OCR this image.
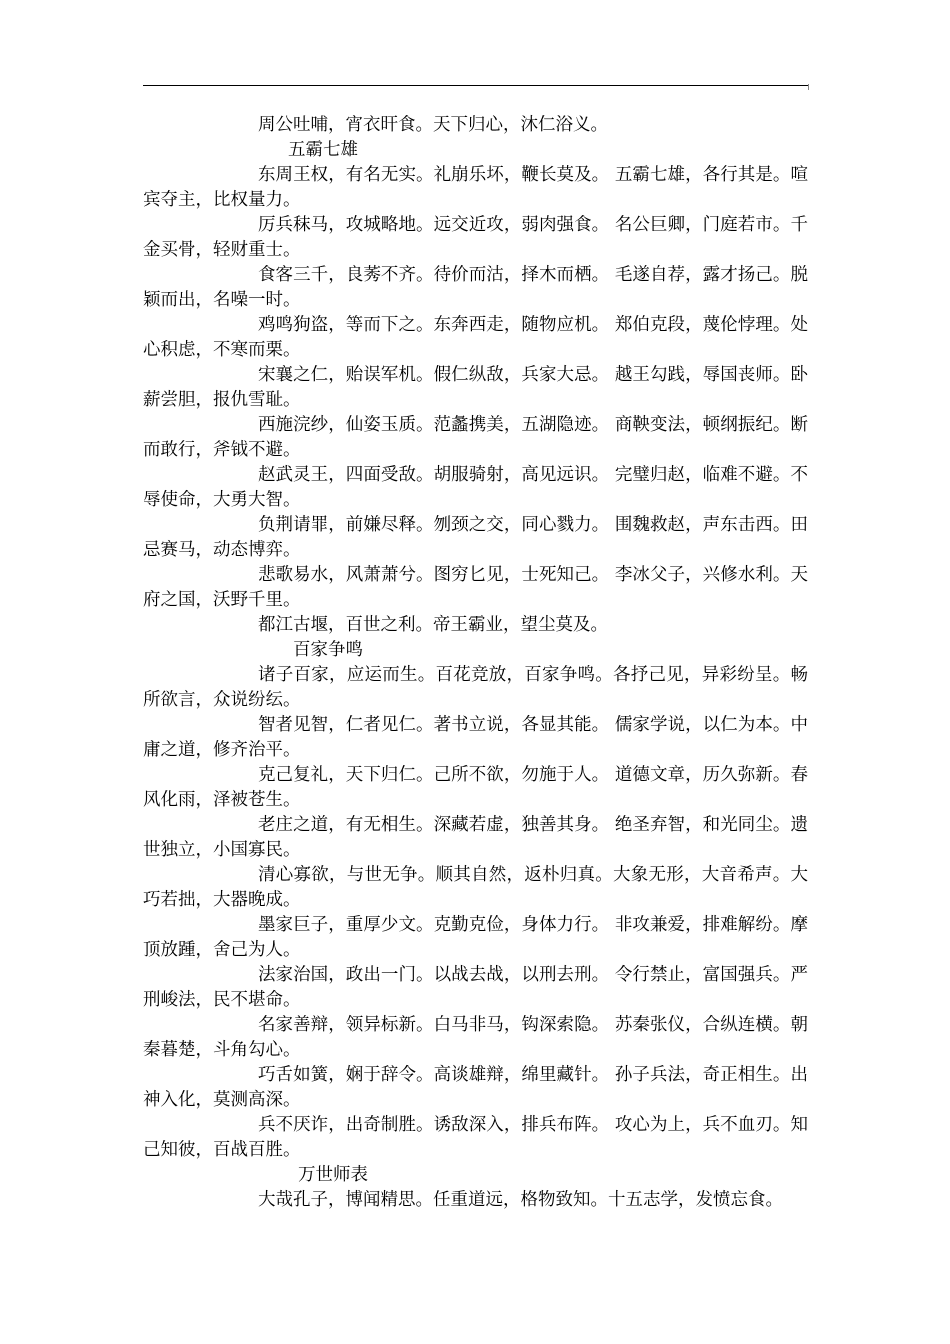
周公吐哺，宵衣旰食。天下归心，沐仁浴义。

五霸七雄

东周王权，有名无实。礼崩乐坏，鞭长莫及。 五霸七雄，各行其是。喧宾夺主，比权量力。

厉兵秣马，攻城略地。远交近攻，弱肉强食。 名公巨卿，门庭若市。千金买骨，轻财重士。

食客三千，良莠不齐。待价而沽，择木而栖。 毛遂自荐，露才扬己。脱颖而出，名噪一时。

鸡鸣狗盗，等而下之。东奔西走，随物应机。 郑伯克段，蔑伦悖理。处心积虑，不寒而栗。

宋襄之仁，贻误军机。假仁纵敌，兵家大忌。 越王勾践，辱国丧师。卧薪尝胆，报仇雪耻。

西施浣纱，仙姿玉质。范蠡携美，五湖隐迹。 商鞅变法，顿纲振纪。断而敢行，斧钺不避。

赵武灵王，四面受敌。胡服骑射，高见远识。 完璧归赵，临难不避。不辱使命，大勇大智。

负荆请罪，前嫌尽释。刎颈之交，同心戮力。 围魏救赵，声东击西。田忌赛马，动态博弈。

悲歌易水，风萧萧兮。图穷匕见，士死知己。 李冰父子，兴修水利。天府之国，沃野千里。

都江古堰，百世之利。帝王霸业，望尘莫及。

百家争鸣

诸子百家，应运而生。百花竞放，百家争鸣。各抒己见，异彩纷呈。畅所欲言，众说纷纭。

智者见智，仁者见仁。著书立说，各显其能。 儒家学说，以仁为本。中庸之道，修齐治平。

克己复礼，天下归仁。己所不欲，勿施于人。 道德文章，历久弥新。春风化雨，泽被苍生。

老庄之道，有无相生。深藏若虚，独善其身。 绝圣弃智，和光同尘。遗世独立，小国寡民。

清心寡欲，与世无争。顺其自然，返朴归真。大象无形，大音希声。大巧若拙，大器晚成。

墨家巨子，重厚少文。克勤克俭，身体力行。 非攻兼爱，排难解纷。摩顶放踵，舍己为人。

法家治国，政出一门。以战去战，以刑去刑。 令行禁止，富国强兵。严刑峻法，民不堪命。

名家善辩，领异标新。白马非马，钩深索隐。 苏秦张仪，合纵连横。朝秦暮楚，斗角勾心。

巧舌如簧，娴于辞令。高谈雄辩，绵里藏针。 孙子兵法，奇正相生。出神入化，莫测高深。

兵不厌诈，出奇制胜。诱敌深入，排兵布阵。 攻心为上，兵不血刃。知己知彼，百战百胜。

万世师表

大哉孔子，博闻精思。任重道远，格物致知。十五志学，发愤忘食。
